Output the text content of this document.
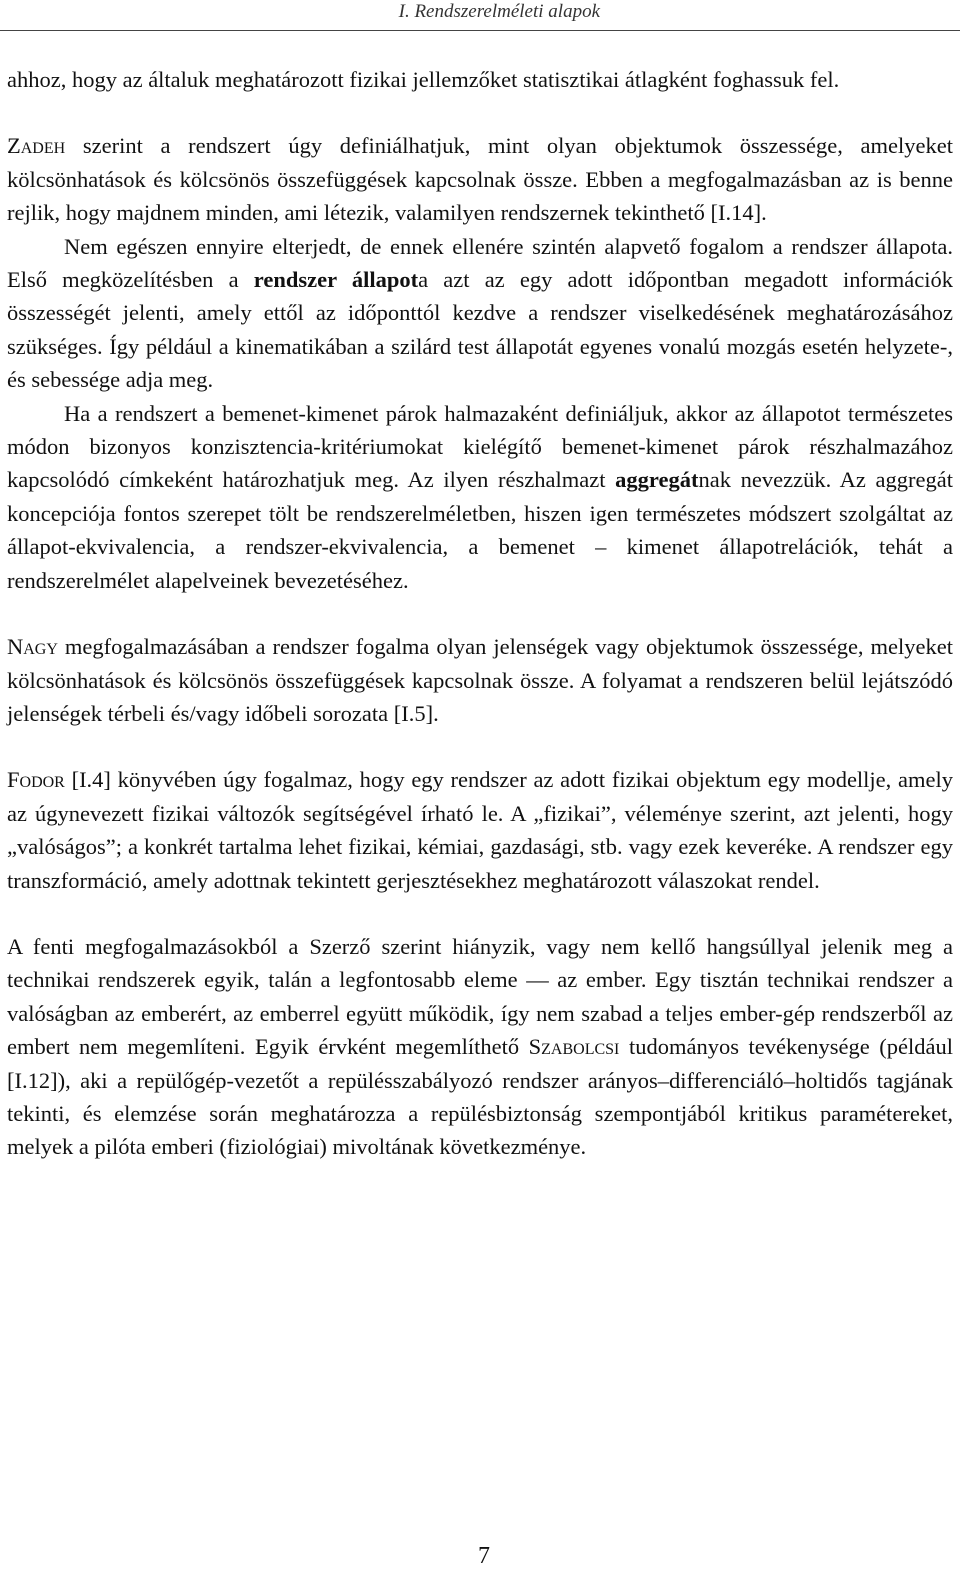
I. Rendszerelméleti alapok

ahhoz, hogy az általuk meghatározott fizikai jellemzőket statisztikai átlagként foghassuk fel.

Zadeh szerint a rendszert úgy definiálhatjuk, mint olyan objektumok összessége, amelyeket kölcsönhatások és kölcsönös összefüggések kapcsolnak össze. Ebben a megfogalmazásban az is benne rejlik, hogy majdnem minden, ami létezik, valamilyen rendszernek tekinthető [I.14].

Nem egészen ennyire elterjedt, de ennek ellenére szintén alapvető fogalom a rendszer állapota. Első megközelítésben a rendszer állapota azt az egy adott időpontban megadott információk összességét jelenti, amely ettől az időponttól kezdve a rendszer viselkedésének meghatározásához szükséges. Így például a kinematikában a szilárd test állapotát egyenes vonalú mozgás esetén helyzete-, és sebessége adja meg.

Ha a rendszert a bemenet-kimenet párok halmazaként definiáljuk, akkor az állapotot természetes módon bizonyos konzisztencia-kritériumokat kielégítő bemenet-kimenet párok részhalmazához kapcsolódó címkeként határozhatjuk meg. Az ilyen részhalmazt aggregátnak nevezzük. Az aggregát koncepciója fontos szerepet tölt be rendszerelméletben, hiszen igen természetes módszert szolgáltat az állapot-ekvivalencia, a rendszer-ekvivalencia, a bemenet – kimenet állapotrelációk, tehát a rendszerelmélet alapelveinek bevezetéséhez.

Nagy megfogalmazásában a rendszer fogalma olyan jelenségek vagy objektumok összessége, melyeket kölcsönhatások és kölcsönös összefüggések kapcsolnak össze. A folyamat a rendszeren belül lejátszódó jelenségek térbeli és/vagy időbeli sorozata [I.5].

Fodor [I.4] könyvében úgy fogalmaz, hogy egy rendszer az adott fizikai objektum egy modellje, amely az úgynevezett fizikai változók segítségével írható le. A „fizikai”, véleménye szerint, azt jelenti, hogy „valóságos”; a konkrét tartalma lehet fizikai, kémiai, gazdasági, stb. vagy ezek keveréke. A rendszer egy transzformáció, amely adottnak tekintett gerjesztésekhez meghatározott válaszokat rendel.

A fenti megfogalmazásokból a Szerző szerint hiányzik, vagy nem kellő hangsúllyal jelenik meg a technikai rendszerek egyik, talán a legfontosabb eleme — az ember. Egy tisztán technikai rendszer a valóságban az emberért, az emberrel együtt működik, így nem szabad a teljes ember-gép rendszerből az embert nem megemlíteni. Egyik érvként megemlíthető Szabolcsi tudományos tevékenysége (például [I.12]), aki a repülőgép-vezetőt a repülésszabályozó rendszer arányos–differenciáló–holtidős tagjának tekinti, és elemzése során meghatározza a repülésbiztonság szempontjából kritikus paramétereket, melyek a pilóta emberi (fiziológiai) mivoltának következménye.

7
